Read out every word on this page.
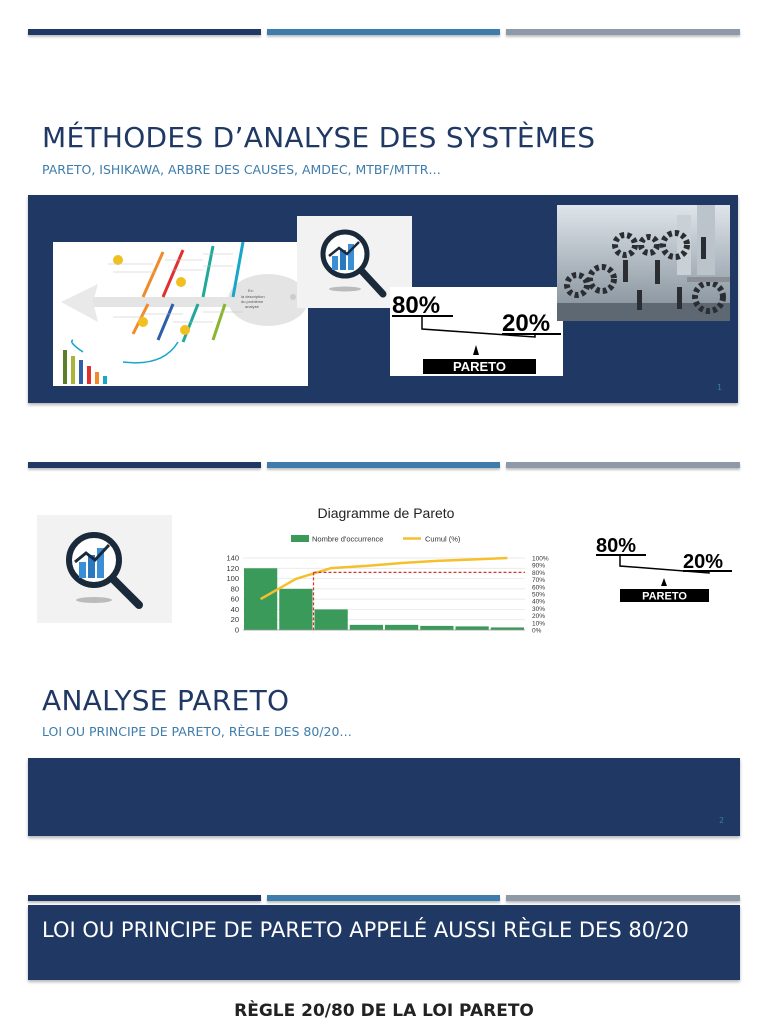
MÉTHODES D’ANALYSE DES SYSTÈMES
PARETO, ISHIKAWA, ARBRE DES CAUSES, AMDEC, MTBF/MTTR…
1
Ex:
la description
du problème
analysé	80%
20%
PARETO
Diagramme de Pareto
Nombre d'occurrence	Cumul (%)
140
120
100
80
60
40
20
0
100%
90%
80%
70%
60%
50%
40%
30%
20%
10%
0%
80%
20%
PARETO
ANALYSE PARETO
LOI OU PRINCIPE DE PARETO, RÈGLE DES 80/20…
2
LOI OU PRINCIPE DE PARETO APPELÉ AUSSI RÈGLE DES 80/20
RÈGLE 20/80 DE LA LOI PARETO
